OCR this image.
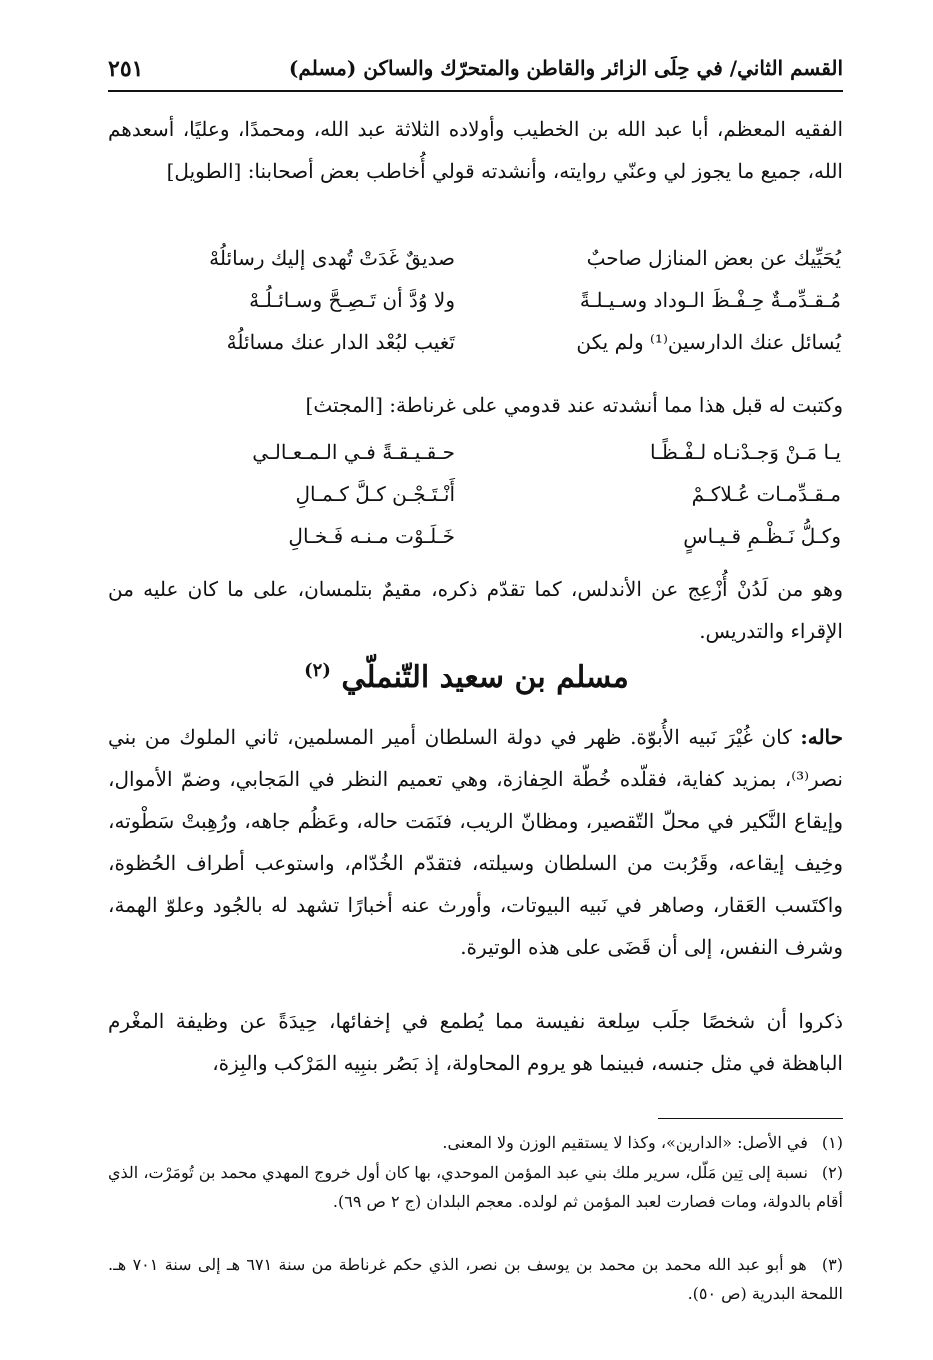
القسم الثاني/ في حِلَى الزائر والقاطن والمتحرّك والساكن (مسلم)
٢٥١
الفقيه المعظم، أبا عبد الله بن الخطيب وأولاده الثلاثة عبد الله، ومحمدًا، وعليًا، أسعدهم الله، جميع ما يجوز لي وعنّي روايته، وأنشدته قولي أُخاطب بعض أصحابنا: [الطويل]
يُحَيِّيك عن بعض المنازل صاحبٌ
صديقٌ غَدَتْ تُهدى إليك رسائلُهْ
مُـقـدِّمـةٌ حِـفْـظَ الـوداد وسـيـلـةً
ولا وُدَّ أن تَـصِـحَّ وسـائـلُـهْ
يُسائل عنك الدارسين⁽¹⁾ ولم يكن
تَغيب لبُعْد الدار عنك مسائلُهْ
وكتبت له قبل هذا مما أنشدته عند قدومي على غرناطة: [المجتث]
يـا مَـنْ وَجـدْنـاه لـفْـظًـا
حـقـيـقـةً فـي الـمـعـالـي
مـقـدِّمـات عُـلاكـمْ
أَنْـتَـجْـن كـلَّ كـمـالِ
وكـلُّ نَـظْـمِ قـيـاسٍ
خَـلَـوْت مـنـه فَـخـالِ
وهو من لَدُنْ أُزْعِج عن الأندلس، كما تقدّم ذكره، مقيمٌ بتلمسان، على ما كان عليه من الإقراء والتدريس.
مسلم بن سعيد التّنملّي $^{(٢)}$
حاله: كان غُيْرَ نَبيه الأُبوّة. ظهر في دولة السلطان أمير المسلمين، ثاني الملوك من بني نصر⁽³⁾، بمزيد كفاية، فقلّده خُطّة الحِفازة، وهي تعميم النظر في المَجابي، وضمّ الأموال، وإيقاع النَّكير في محلّ التّقصير، ومظانّ الريب، فنَمَت حاله، وعَظُم جاهه، ورُهِبتْ سَطْوته، وخِيف إيقاعه، وقَرُبت من السلطان وسيلته، فتقدّم الخُدّام، واستوعب أطراف الحُظوة، واكتَسب العَقار، وصاهر في نَبيه البيوتات، وأورث عنه أخبارًا تشهد له بالجُود وعلوّ الهمة، وشرف النفس، إلى أن قَضَى على هذه الوتيرة.
ذكروا أن شخصًا جلَب سِلعة نفيسة مما يُطمع في إخفائها، حِيدَةً عن وظيفة المغْرم الباهظة في مثل جنسه، فبينما هو يروم المحاولة، إذ بَصُر بنبِيه المَرْكب والبِزة،
(١) في الأصل: «الدارين»، وكذا لا يستقيم الوزن ولا المعنى.
(٢) نسبة إلى تِين مَلّل، سرير ملك بني عبد المؤمن الموحدي، بها كان أول خروج المهدي محمد بن تُومَرْت، الذي أقام بالدولة، ومات فصارت لعبد المؤمن ثم لولده. معجم البلدان (ج ٢ ص ٦٩).
(٣) هو أبو عبد الله محمد بن محمد بن يوسف بن نصر، الذي حكم غرناطة من سنة ٦٧١ هـ إلى سنة ٧٠١ هـ. اللمحة البدرية (ص ٥٠).
